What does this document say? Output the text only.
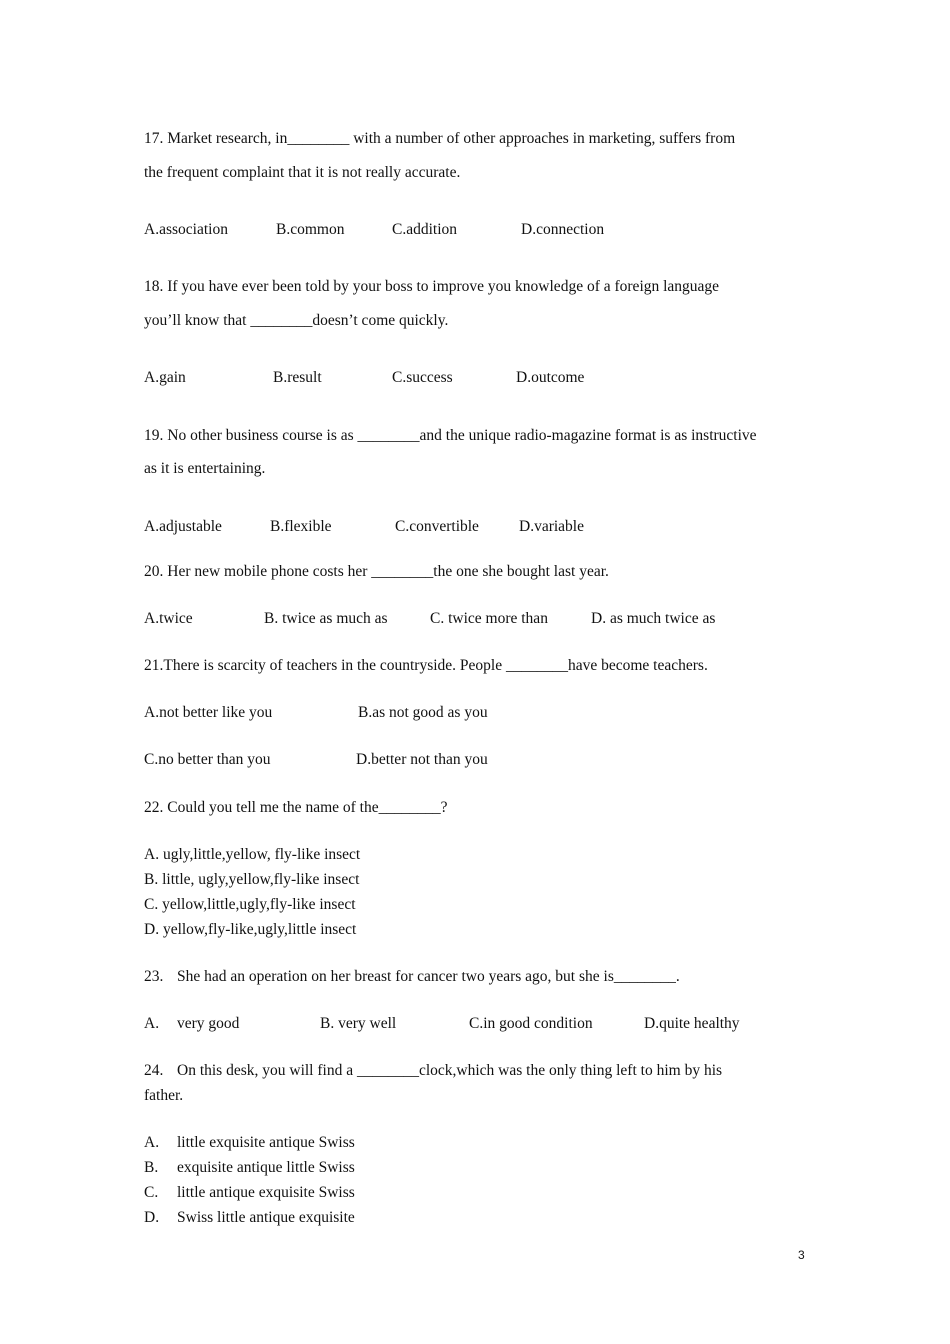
17. Market research, in________ with a number of other approaches in marketing, suffers from
the frequent complaint that it is not really accurate.
A.association	B.common	C.addition	D.connection
18. If you have ever been told by your boss to improve you knowledge of a foreign language
you’ll know that ________doesn’t come quickly.
A.gain	B.result	C.success	D.outcome
19. No other business course is as ________and the unique radio-magazine format is as instructive
as it is entertaining.
A.adjustable	B.flexible	C.convertible	D.variable
20. Her new mobile phone costs her ________the one she bought last year.
A.twice	B. twice as much as	C. twice more than	D. as much twice as
21.There is scarcity of teachers in the countryside. People ________have become teachers.
A.not better like you	B.as not good as you
C.no better than you	D.better not than you
22. Could you tell me the name of the________?
A. ugly,little,yellow, fly-like insect
B. little, ugly,yellow,fly-like insect
C. yellow,little,ugly,fly-like insect
D. yellow,fly-like,ugly,little insect
23. She had an operation on her breast for cancer two years ago, but she is________.
A. very good	B. very well	C.in good condition	D.quite healthy
24. On this desk, you will find a ________clock,which was the only thing left to him by his
father.
A. little exquisite antique Swiss
B. exquisite antique little Swiss
C. little antique exquisite Swiss
D. Swiss little antique exquisite
3
